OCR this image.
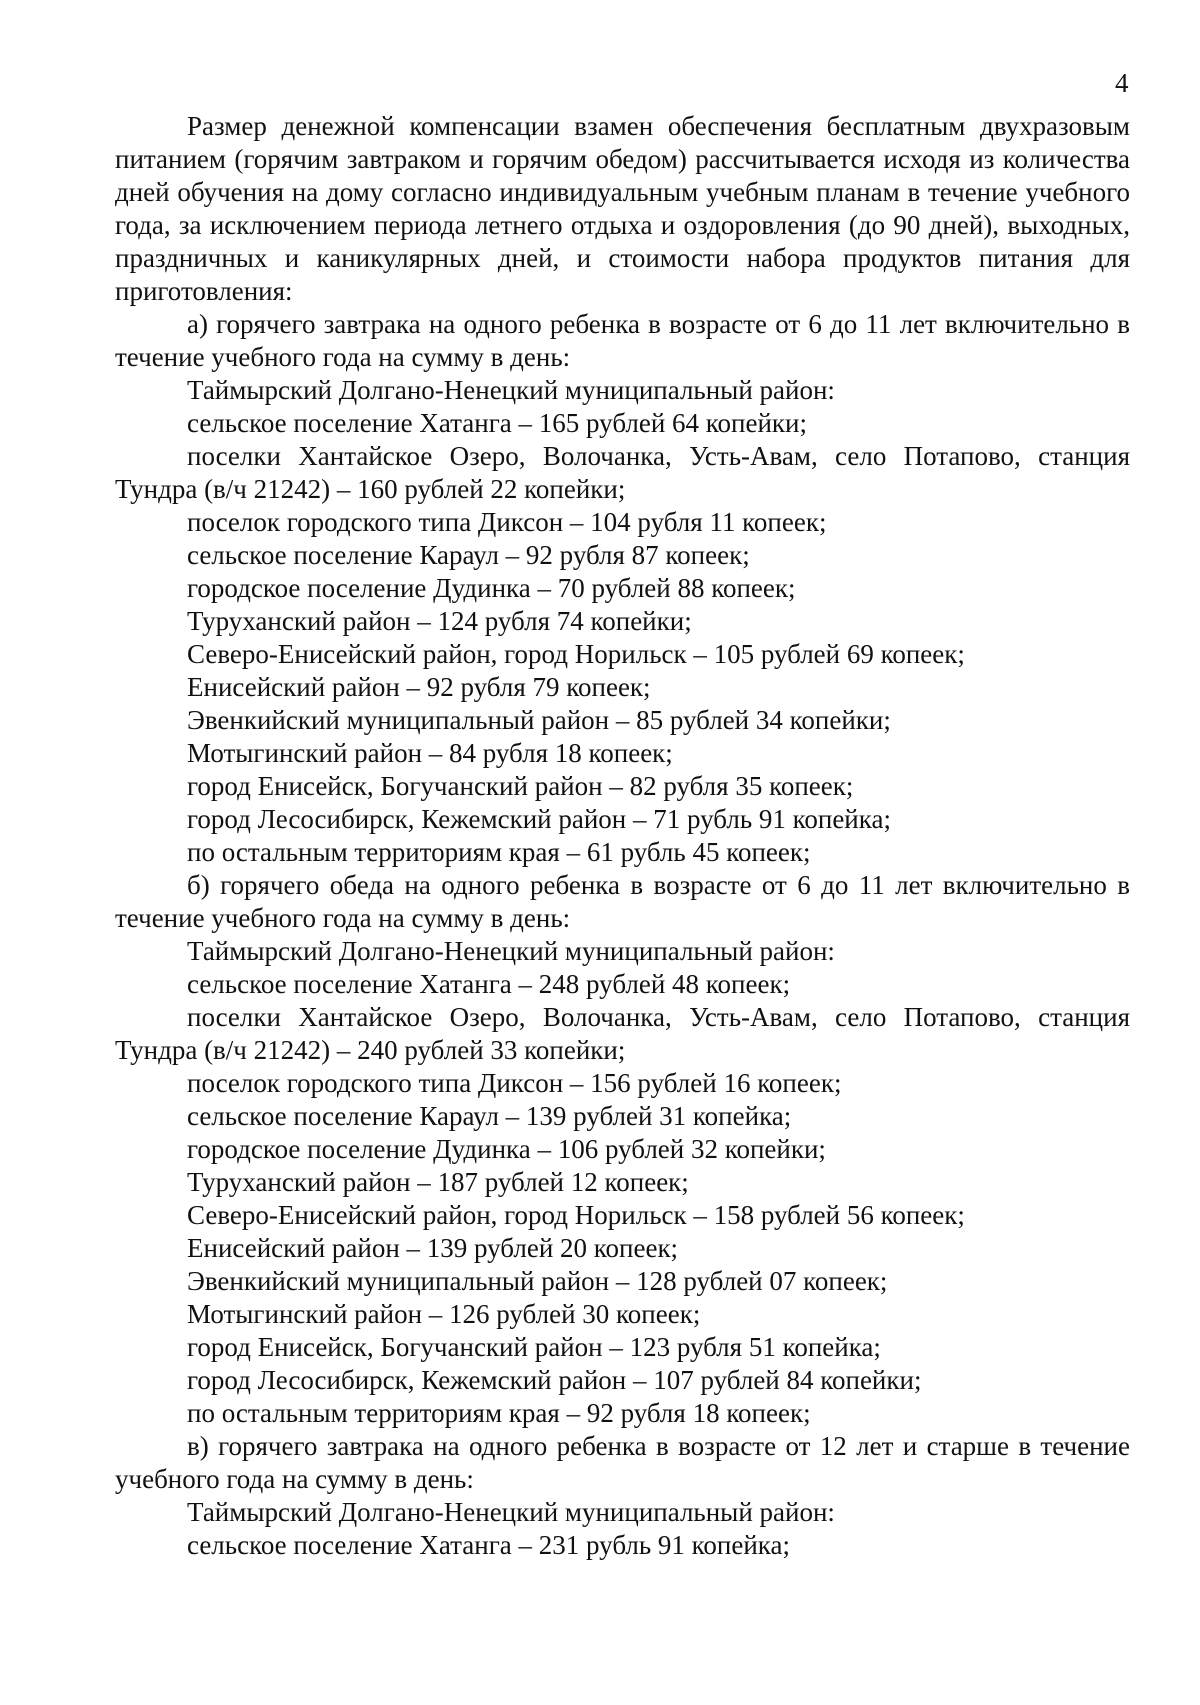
4

Размер денежной компенсации взамен обеспечения бесплатным двухразовым питанием (горячим завтраком и горячим обедом) рассчитывается исходя из количества дней обучения на дому согласно индивидуальным учебным планам в течение учебного года, за исключением периода летнего отдыха и оздоровления (до 90 дней), выходных, праздничных и каникулярных дней, и стоимости набора продуктов питания для приготовления:

а) горячего завтрака на одного ребенка в возрасте от 6 до 11 лет включительно в течение учебного года на сумму в день:

Таймырский Долгано-Ненецкий муниципальный район:

сельское поселение Хатанга – 165 рублей 64 копейки;

поселки Хантайское Озеро, Волочанка, Усть-Авам, село Потапово, станция Тундра (в/ч 21242) – 160 рублей 22 копейки;

поселок городского типа Диксон – 104 рубля 11 копеек;

сельское поселение Караул – 92 рубля 87 копеек;

городское поселение Дудинка – 70 рублей 88 копеек;

Туруханский район – 124 рубля 74 копейки;

Северо-Енисейский район, город Норильск – 105 рублей 69 копеек;

Енисейский район – 92 рубля 79 копеек;

Эвенкийский муниципальный район – 85 рублей 34 копейки;

Мотыгинский район – 84 рубля 18 копеек;

город Енисейск, Богучанский район – 82 рубля 35 копеек;

город Лесосибирск, Кежемский район – 71 рубль 91 копейка;

по остальным территориям края – 61 рубль 45 копеек;

б) горячего обеда на одного ребенка в возрасте от 6 до 11 лет включительно в течение учебного года на сумму в день:

Таймырский Долгано-Ненецкий муниципальный район:

сельское поселение Хатанга – 248 рублей 48 копеек;

поселки Хантайское Озеро, Волочанка, Усть-Авам, село Потапово, станция Тундра (в/ч 21242) – 240 рублей 33 копейки;

поселок городского типа Диксон – 156 рублей 16 копеек;

сельское поселение Караул – 139 рублей 31 копейка;

городское поселение Дудинка – 106 рублей 32 копейки;

Туруханский район – 187 рублей 12 копеек;

Северо-Енисейский район, город Норильск – 158 рублей 56 копеек;

Енисейский район – 139 рублей 20 копеек;

Эвенкийский муниципальный район – 128 рублей 07 копеек;

Мотыгинский район – 126 рублей 30 копеек;

город Енисейск, Богучанский район – 123 рубля 51 копейка;

город Лесосибирск, Кежемский район – 107 рублей 84 копейки;

по остальным территориям края – 92 рубля 18 копеек;

в) горячего завтрака на одного ребенка в возрасте от 12 лет и старше в течение учебного года на сумму в день:

Таймырский Долгано-Ненецкий муниципальный район:

сельское поселение Хатанга – 231 рубль 91 копейка;
